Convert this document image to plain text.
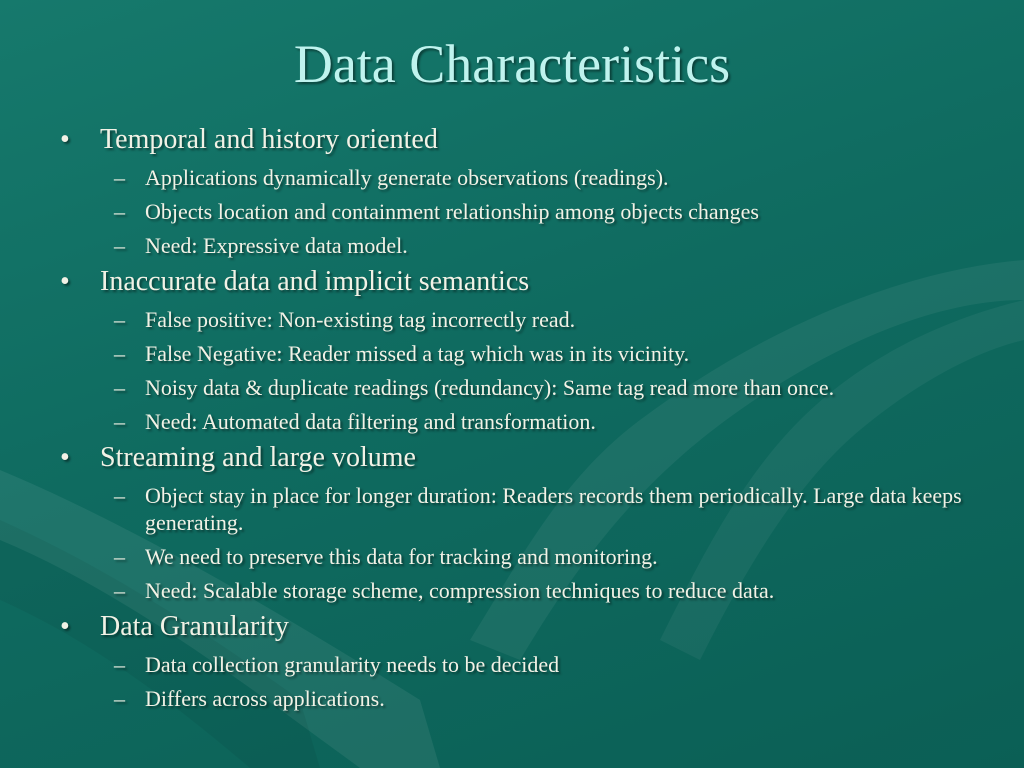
Data Characteristics
• Temporal and history oriented
– Applications dynamically generate observations (readings).
– Objects location and containment relationship among objects changes
– Need: Expressive data model.
• Inaccurate data and implicit semantics
– False positive: Non-existing tag incorrectly read.
– False Negative: Reader missed a tag which was in its vicinity.
– Noisy data & duplicate readings (redundancy): Same tag read more than once.
– Need: Automated data filtering and transformation.
• Streaming and large volume
– Object stay in place for longer duration: Readers records them periodically. Large data keeps generating.
– We need to preserve this data for tracking and monitoring.
– Need: Scalable storage scheme, compression techniques to reduce data.
• Data Granularity
– Data collection granularity needs to be decided
– Differs across applications.
